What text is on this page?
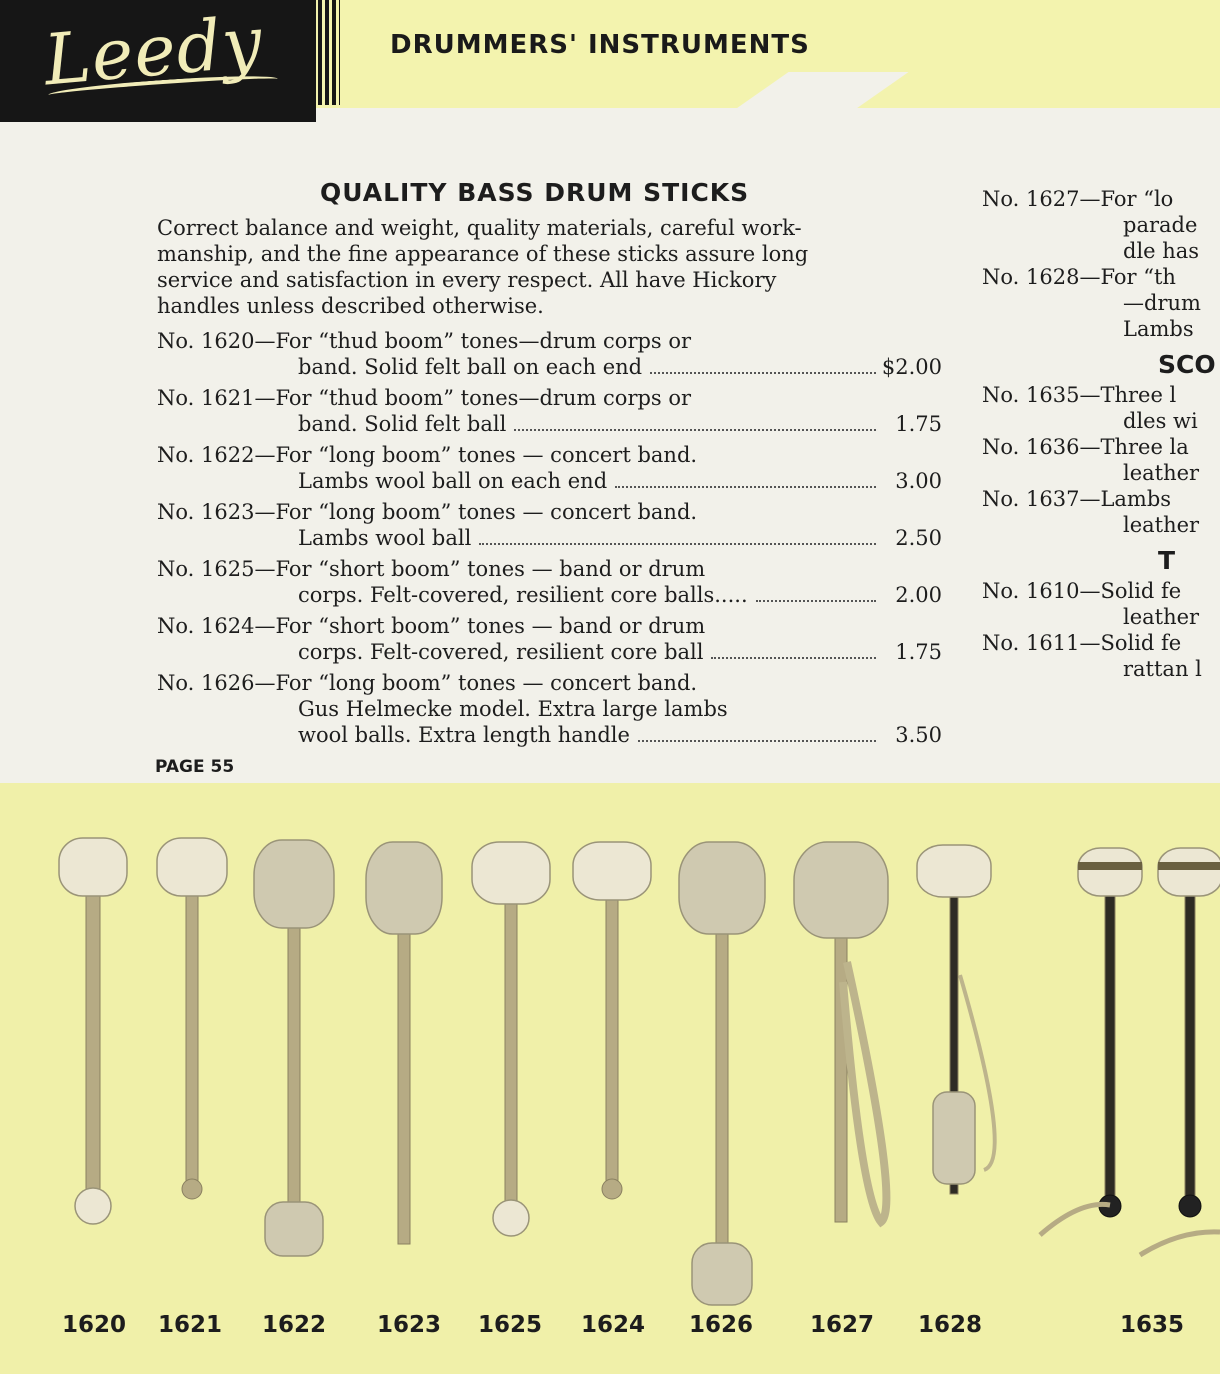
Leedy	DRUMMERS' INSTRUMENTS
QUALITY BASS DRUM STICKS
Correct balance and weight, quality materials, careful work-
manship, and the fine appearance of these sticks assure long
service and satisfaction in every respect. All have Hickory
handles unless described otherwise.
No. 1620—For “thud boom” tones—drum corps or
band. Solid felt ball on each end	$2.00
No. 1621—For “thud boom” tones—drum corps or
band. Solid felt ball	1.75
No. 1622—For “long boom” tones — concert band.
Lambs wool ball on each end	3.00
No. 1623—For “long boom” tones — concert band.
Lambs wool ball	2.50
No. 1625—For “short boom” tones — band or drum
corps. Felt-covered, resilient core balls.....	2.00
No. 1624—For “short boom” tones — band or drum
corps. Felt-covered, resilient core ball	1.75
No. 1626—For “long boom” tones — concert band.
Gus Helmecke model. Extra large lambs
wool balls. Extra length handle	3.50
PAGE 55
No. 1627—For “lo
parade
dle has
No. 1628—For “th
—drum
Lambs
SCO
No. 1635—Three l
dles wi
No. 1636—Three la
leather
No. 1637—Lambs
leather
T
No. 1610—Solid fe
leather
No. 1611—Solid fe
rattan l
1620 1621 1622 1623 1625 1624 1626 1627 1628	1635
